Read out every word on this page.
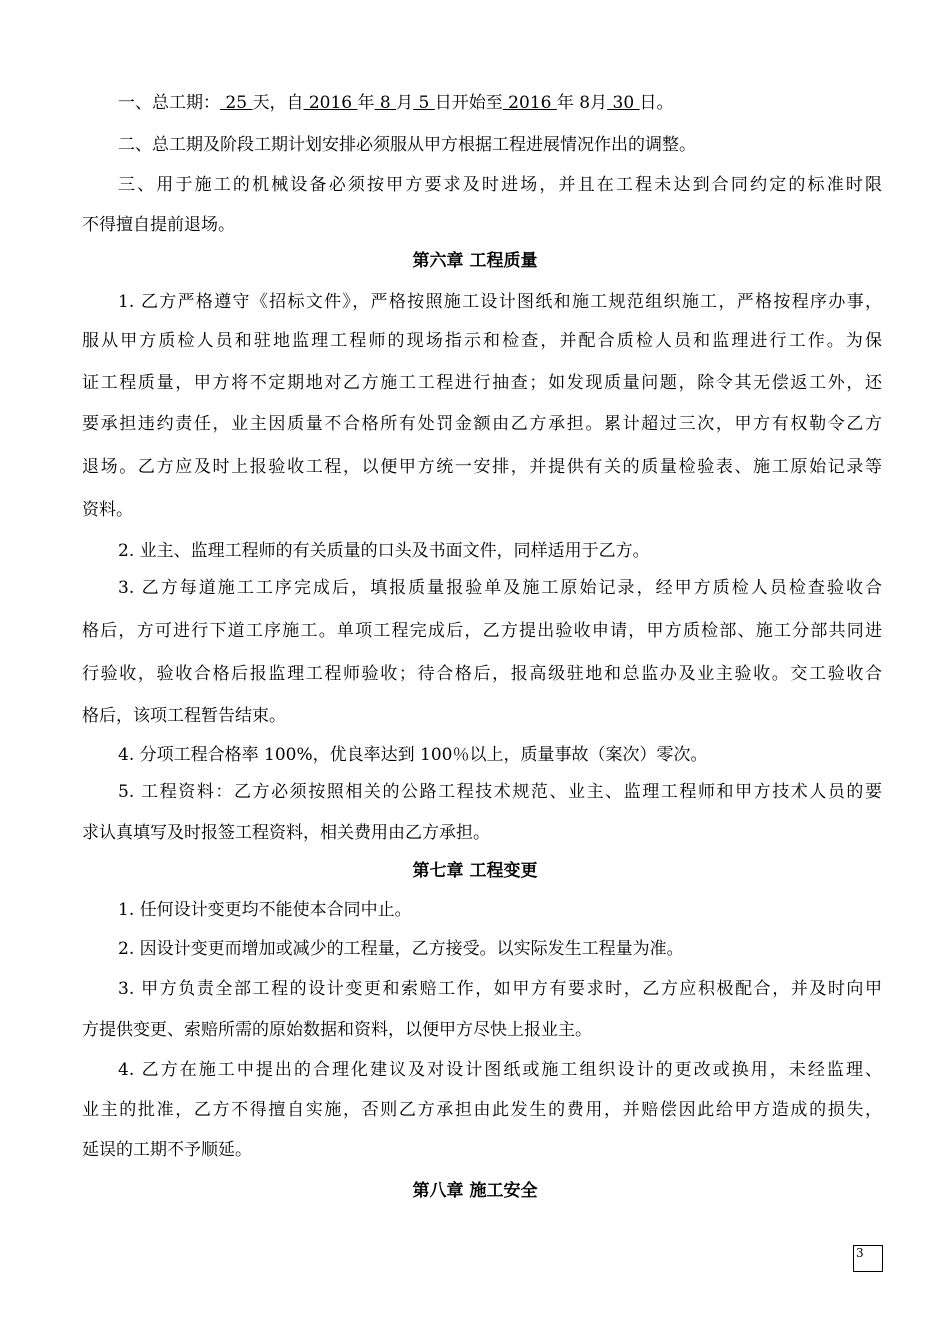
一、总工期： 25 天，自 2016 年 8 月 5 日开始至 2016 年 8月 30 日。
二、总工期及阶段工期计划安排必须服从甲方根据工程进展情况作出的调整。
三、用于施工的机械设备必须按甲方要求及时进场，并且在工程未达到合同约定的标准时限
不得擅自提前退场。
第六章 工程质量
1. 乙方严格遵守《招标文件》，严格按照施工设计图纸和施工规范组织施工，严格按程序办事，
服从甲方质检人员和驻地监理工程师的现场指示和检查，并配合质检人员和监理进行工作。为保
证工程质量，甲方将不定期地对乙方施工工程进行抽查；如发现质量问题，除令其无偿返工外，还
要承担违约责任，业主因质量不合格所有处罚金额由乙方承担。累计超过三次，甲方有权勒令乙方
退场。乙方应及时上报验收工程，以便甲方统一安排，并提供有关的质量检验表、施工原始记录等
资料。
2. 业主、监理工程师的有关质量的口头及书面文件，同样适用于乙方。
3. 乙方每道施工工序完成后，填报质量报验单及施工原始记录，经甲方质检人员检查验收合
格后，方可进行下道工序施工。单项工程完成后，乙方提出验收申请，甲方质检部、施工分部共同进
行验收，验收合格后报监理工程师验收；待合格后，报高级驻地和总监办及业主验收。交工验收合
格后，该项工程暂告结束。
4. 分项工程合格率 100%，优良率达到 100％以上，质量事故（案次）零次。
5. 工程资料：乙方必须按照相关的公路工程技术规范、业主、监理工程师和甲方技术人员的要
求认真填写及时报签工程资料，相关费用由乙方承担。
第七章 工程变更
1. 任何设计变更均不能使本合同中止。
2. 因设计变更而增加或减少的工程量，乙方接受。以实际发生工程量为准。
3. 甲方负责全部工程的设计变更和索赔工作，如甲方有要求时，乙方应积极配合，并及时向甲
方提供变更、索赔所需的原始数据和资料，以便甲方尽快上报业主。
4. 乙方在施工中提出的合理化建议及对设计图纸或施工组织设计的更改或换用，未经监理、
业主的批准，乙方不得擅自实施，否则乙方承担由此发生的费用，并赔偿因此给甲方造成的损失，
延误的工期不予顺延。
第八章 施工安全
3
